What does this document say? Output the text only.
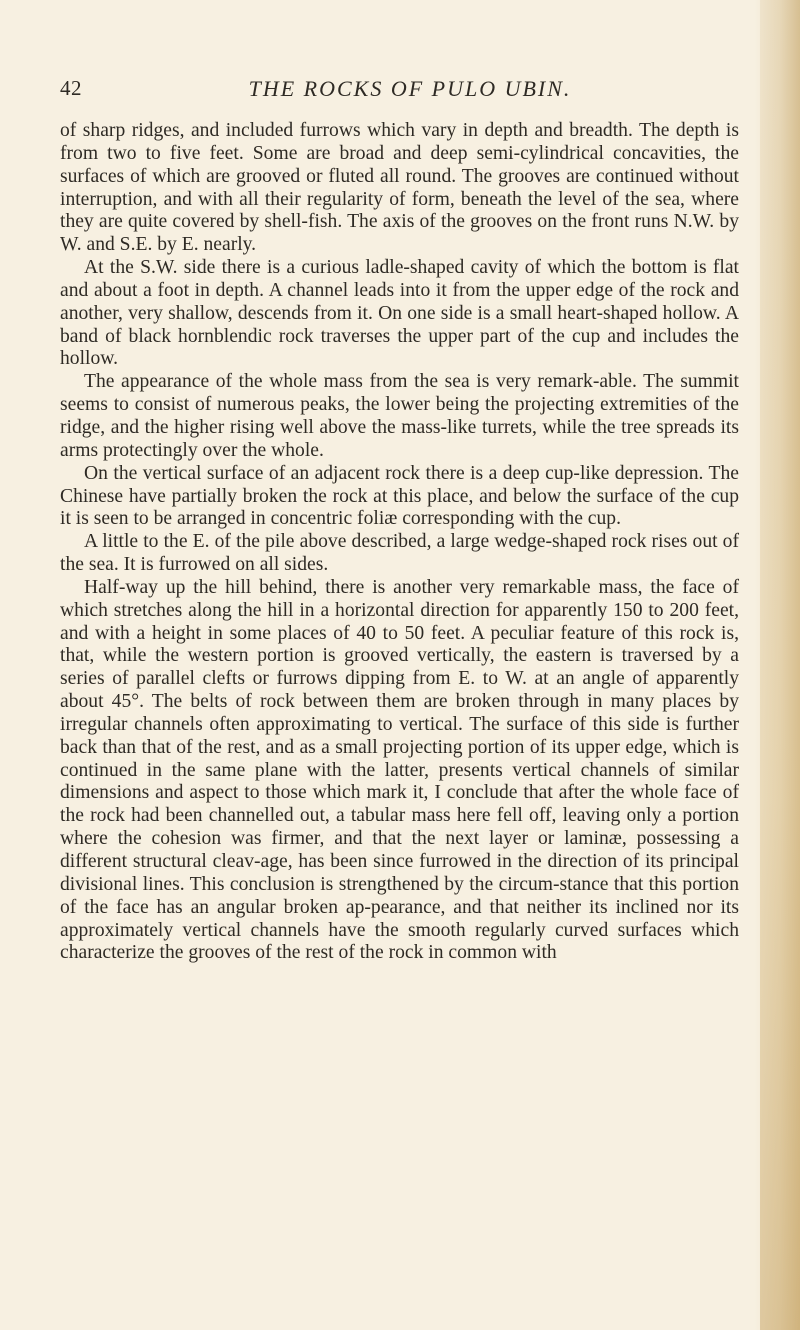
42	THE ROCKS OF PULO UBIN.

of sharp ridges, and included furrows which vary in depth and breadth. The depth is from two to five feet. Some are broad and deep semi-cylindrical concavities, the surfaces of which are grooved or fluted all round. The grooves are continued without interruption, and with all their regularity of form, beneath the level of the sea, where they are quite covered by shell-fish. The axis of the grooves on the front runs N.W. by W. and S.E. by E. nearly.

At the S.W. side there is a curious ladle-shaped cavity of which the bottom is flat and about a foot in depth. A channel leads into it from the upper edge of the rock and another, very shallow, descends from it. On one side is a small heart-shaped hollow. A band of black hornblendic rock traverses the upper part of the cup and includes the hollow.

The appearance of the whole mass from the sea is very remark-able. The summit seems to consist of numerous peaks, the lower being the projecting extremities of the ridge, and the higher rising well above the mass-like turrets, while the tree spreads its arms protectingly over the whole.

On the vertical surface of an adjacent rock there is a deep cup-like depression. The Chinese have partially broken the rock at this place, and below the surface of the cup it is seen to be arranged in concentric foliæ corresponding with the cup.

A little to the E. of the pile above described, a large wedge-shaped rock rises out of the sea. It is furrowed on all sides.

Half-way up the hill behind, there is another very remarkable mass, the face of which stretches along the hill in a horizontal direction for apparently 150 to 200 feet, and with a height in some places of 40 to 50 feet. A peculiar feature of this rock is, that, while the western portion is grooved vertically, the eastern is traversed by a series of parallel clefts or furrows dipping from E. to W. at an angle of apparently about 45°. The belts of rock between them are broken through in many places by irregular channels often approximating to vertical. The surface of this side is further back than that of the rest, and as a small projecting portion of its upper edge, which is continued in the same plane with the latter, presents vertical channels of similar dimensions and aspect to those which mark it, I conclude that after the whole face of the rock had been channelled out, a tabular mass here fell off, leaving only a portion where the cohesion was firmer, and that the next layer or laminæ, possessing a different structural cleav-age, has been since furrowed in the direction of its principal divisional lines. This conclusion is strengthened by the circum-stance that this portion of the face has an angular broken ap-pearance, and that neither its inclined nor its approximately vertical channels have the smooth regularly curved surfaces which characterize the grooves of the rest of the rock in common with
